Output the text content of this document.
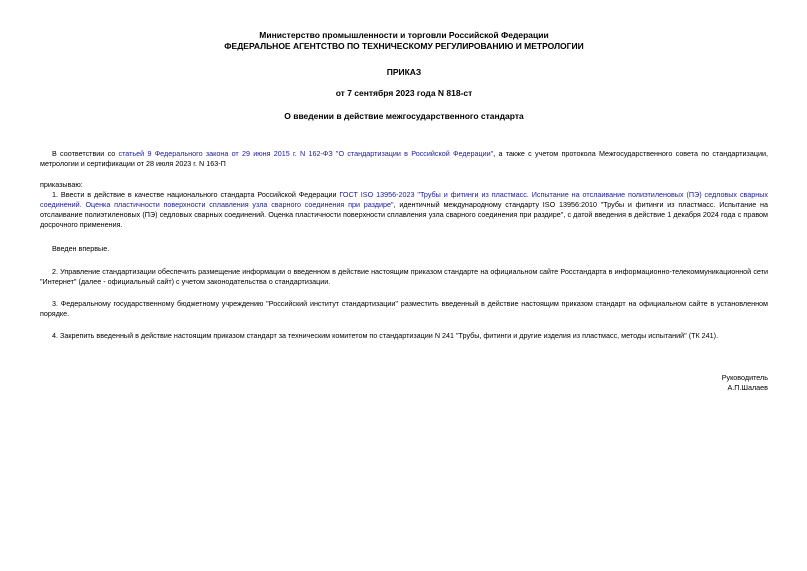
Министерство промышленности и торговли Российской Федерации
ФЕДЕРАЛЬНОЕ АГЕНТСТВО ПО ТЕХНИЧЕСКОМУ РЕГУЛИРОВАНИЮ И МЕТРОЛОГИИ
ПРИКАЗ
от 7 сентября 2023 года N 818-ст
О введении в действие межгосударственного стандарта

В соответствии со статьей 9 Федерального закона от 29 июня 2015 г. N 162-ФЗ "О стандартизации в Российской Федерации", а также с учетом протокола Межгосударственного совета по стандартизации, метрологии и сертификации от 28 июля 2023 г. N 163-П

приказываю:

1. Ввести в действие в качестве национального стандарта Российской Федерации ГОСТ ISO 13956-2023 "Трубы и фитинги из пластмасс. Испытание на отслаивание полиэтиленовых (ПЭ) седловых сварных соединений. Оценка пластичности поверхности сплавления узла сварного соединения при раздире", идентичный международному стандарту ISO 13956:2010 "Трубы и фитинги из пластмасс. Испытание на отслаивание полиэтиленовых (ПЭ) седловых сварных соединений. Оценка пластичности поверхности сплавления узла сварного соединения при раздире", с датой введения в действие 1 декабря 2024 года с правом досрочного применения.

Введен впервые.

2. Управление стандартизации обеспечить размещение информации о введенном в действие настоящим приказом стандарте на официальном сайте Росстандарта в информационно-телекоммуникационной сети "Интернет" (далее - официальный сайт) с учетом законодательства о стандартизации.

3. Федеральному государственному бюджетному учреждению "Российский институт стандартизации" разместить введенный в действие настоящим приказом стандарт на официальном сайте в установленном порядке.

4. Закрепить введенный в действие настоящим приказом стандарт за техническим комитетом по стандартизации N 241 "Трубы, фитинги и другие изделия из пластмасс, методы испытаний" (ТК 241).

Руководитель

А.П.Шалаев
